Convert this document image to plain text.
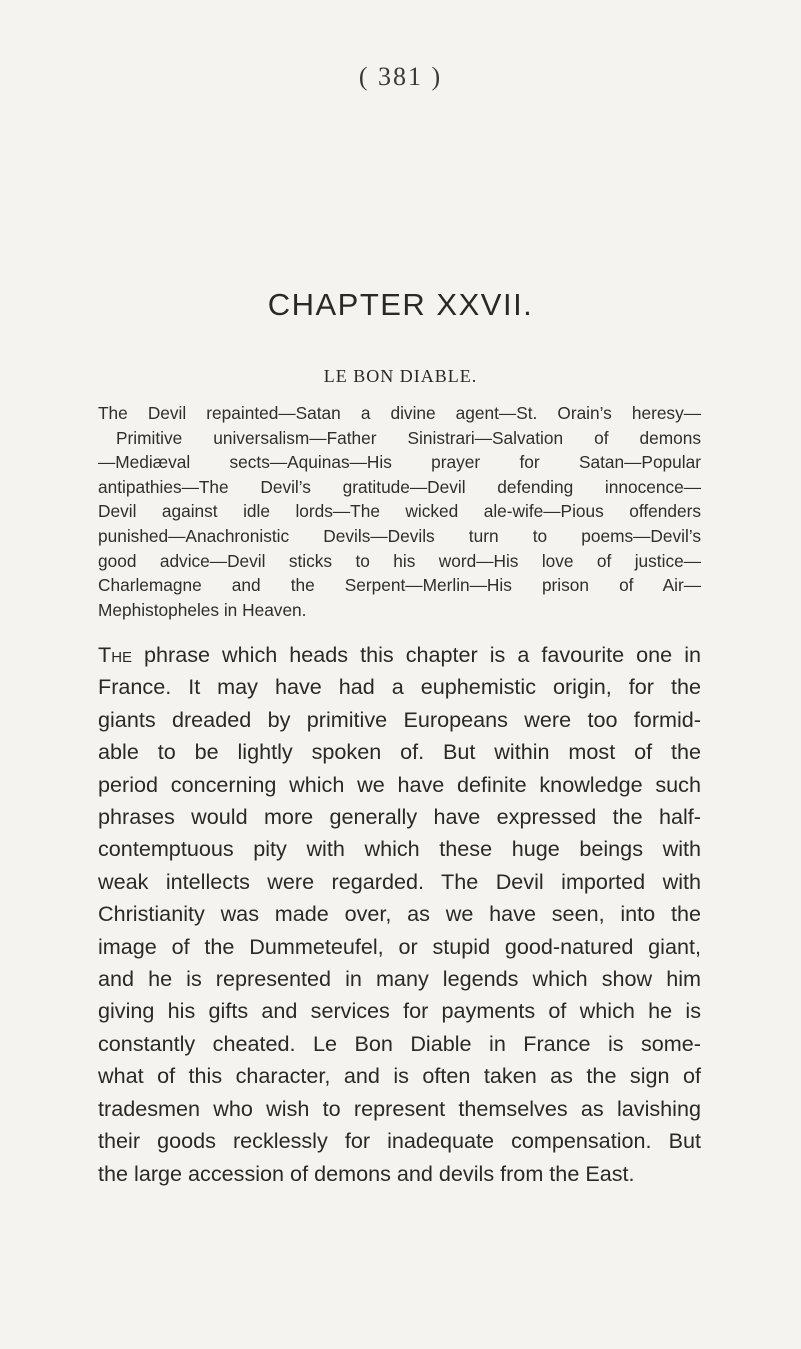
( 381 )
CHAPTER XXVII.
LE BON DIABLE.
The Devil repainted—Satan a divine agent—St. Orain’s heresy—
Primitive universalism—Father Sinistrari—Salvation of demons
—Mediæval sects—Aquinas—His prayer for Satan—Popular
antipathies—The Devil’s gratitude—Devil defending innocence—
Devil against idle lords—The wicked ale-wife—Pious offenders
punished—Anachronistic Devils—Devils turn to poems—Devil’s
good advice—Devil sticks to his word—His love of justice—
Charlemagne and the Serpent—Merlin—His prison of Air—
Mephistopheles in Heaven.
The phrase which heads this chapter is a favourite one in
France. It may have had a euphemistic origin, for the
giants dreaded by primitive Europeans were too formid-
able to be lightly spoken of. But within most of the
period concerning which we have definite knowledge such
phrases would more generally have expressed the half-
contemptuous pity with which these huge beings with
weak intellects were regarded. The Devil imported with
Christianity was made over, as we have seen, into the
image of the Dummeteufel, or stupid good-natured giant,
and he is represented in many legends which show him
giving his gifts and services for payments of which he is
constantly cheated. Le Bon Diable in France is some-
what of this character, and is often taken as the sign of
tradesmen who wish to represent themselves as lavishing
their goods recklessly for inadequate compensation. But
the large accession of demons and devils from the East.
